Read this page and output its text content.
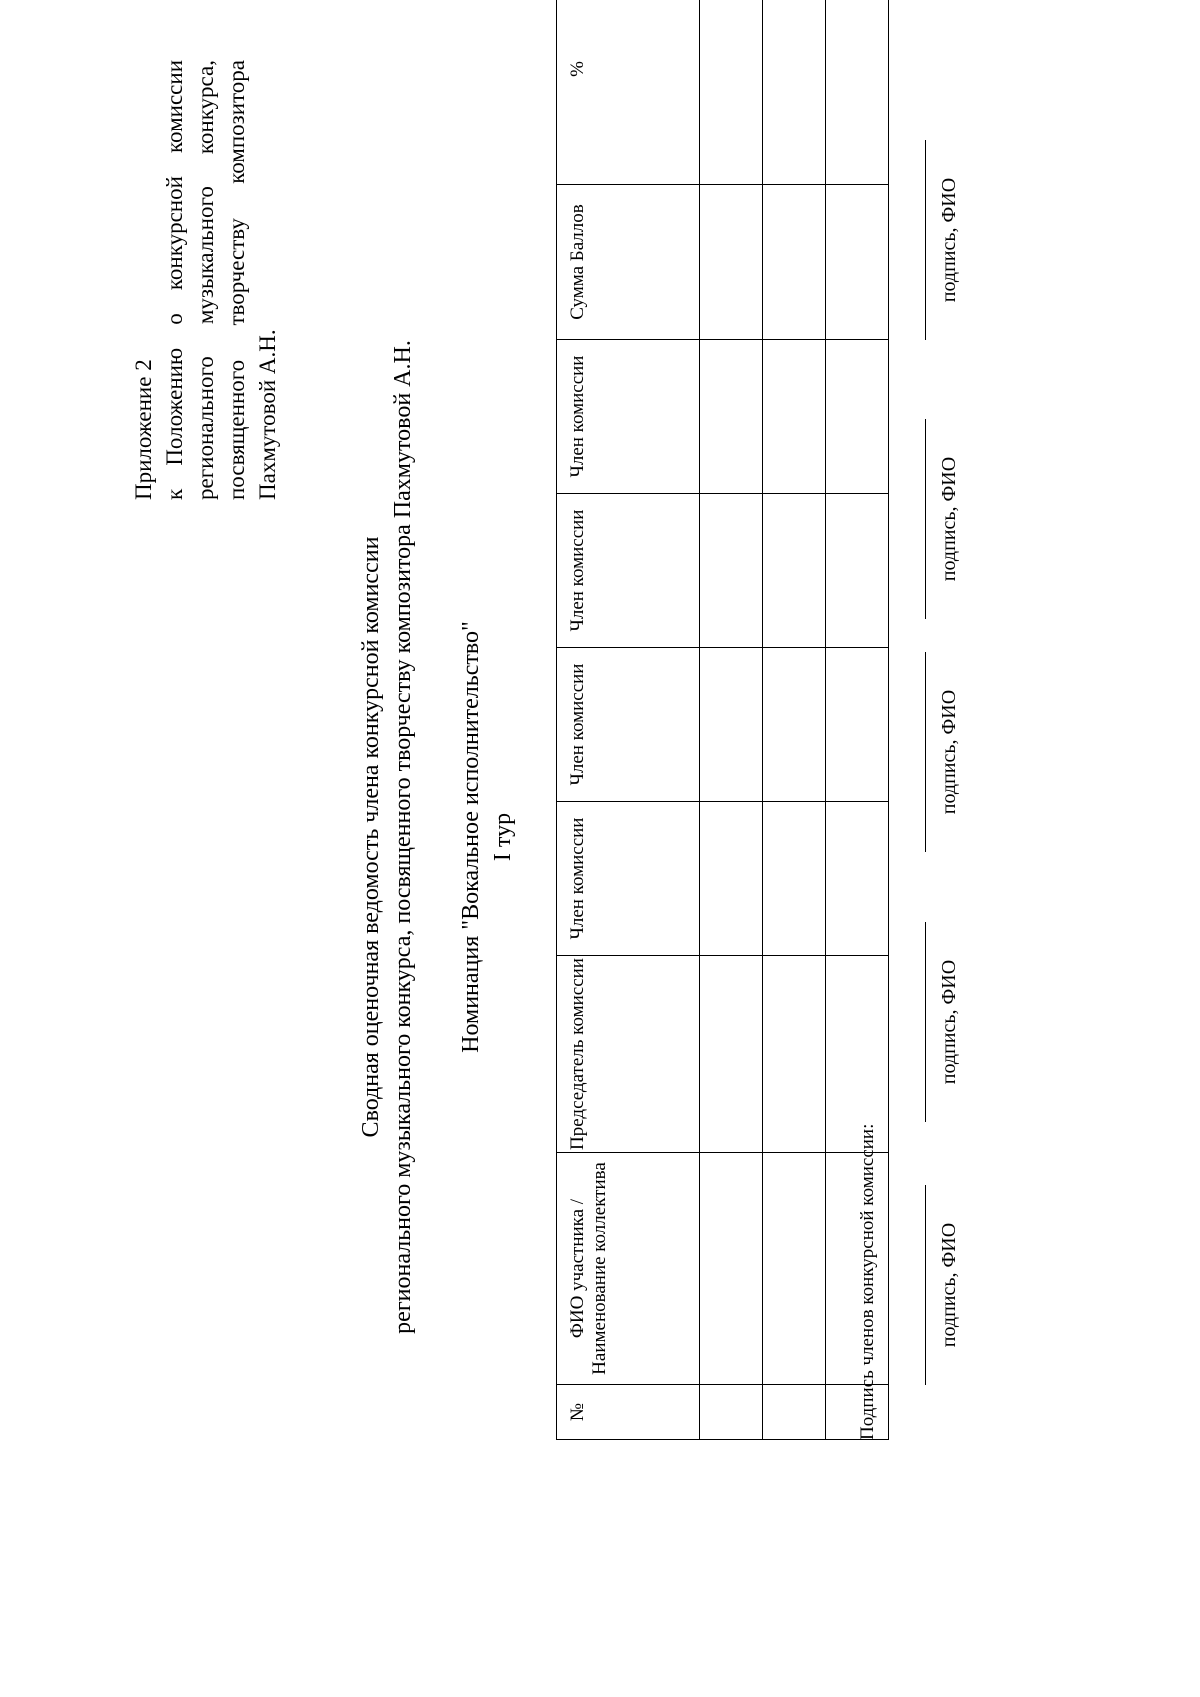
Приложение 2 к Положению о конкурсной комиссии регионального музыкального конкурса, посвященного творчеству композитора Пахмутовой А.Н.
Сводная оценочная ведомость члена конкурсной комиссии регионального музыкального конкурса, посвященного творчеству композитора Пахмутовой А.Н. Номинация "Вокальное исполнительство" I тур
№	ФИО участника / Наименование коллектива	Председатель комиссии	Член комиссии	Член комиссии	Член комиссии	Член комиссии	Сумма Баллов	%

Подпись членов конкурсной комиссии:	подпись, ФИО
подпись, ФИО
подпись, ФИО
подпись, ФИО
подпись, ФИО
